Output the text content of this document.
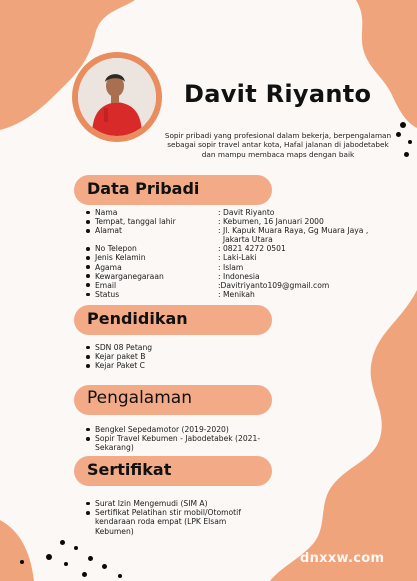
Davit Riyanto
Sopir pribadi yang profesional dalam bekerja, berpengalaman sebagai sopir travel antar kota, Hafal jalanan di jabodetabek dan mampu membaca maps dengan baik
Data Pribadi
Nama	: Davit Riyanto
Tempat, tanggal lahir	: Kebumen, 16 Januari 2000
Alamat	: Jl. Kapuk Muara Raya, Gg Muara Jaya ,
Jakarta Utara
No Telepon	: 0821 4272 0501
Jenis Kelamin	: Laki-Laki
Agama	: Islam
Kewarganegaraan	: Indonesia
Email	:Davitriyanto109@gmail.com
Status	: Menikah
Pendidikan
SDN 08 Petang
Kejar paket B
Kejar Paket C
Pengalaman
Bengkel Sepedamotor (2019-2020)
Sopir Travel Kebumen - Jabodetabek (2021-
Sekarang)
Sertifikat
Surat Izin Mengemudi (SIM A)
Sertifikat Pelatihan stir mobil/Otomotif
kendaraan roda empat (LPK Elsam
Kebumen)
dnxxw.com
